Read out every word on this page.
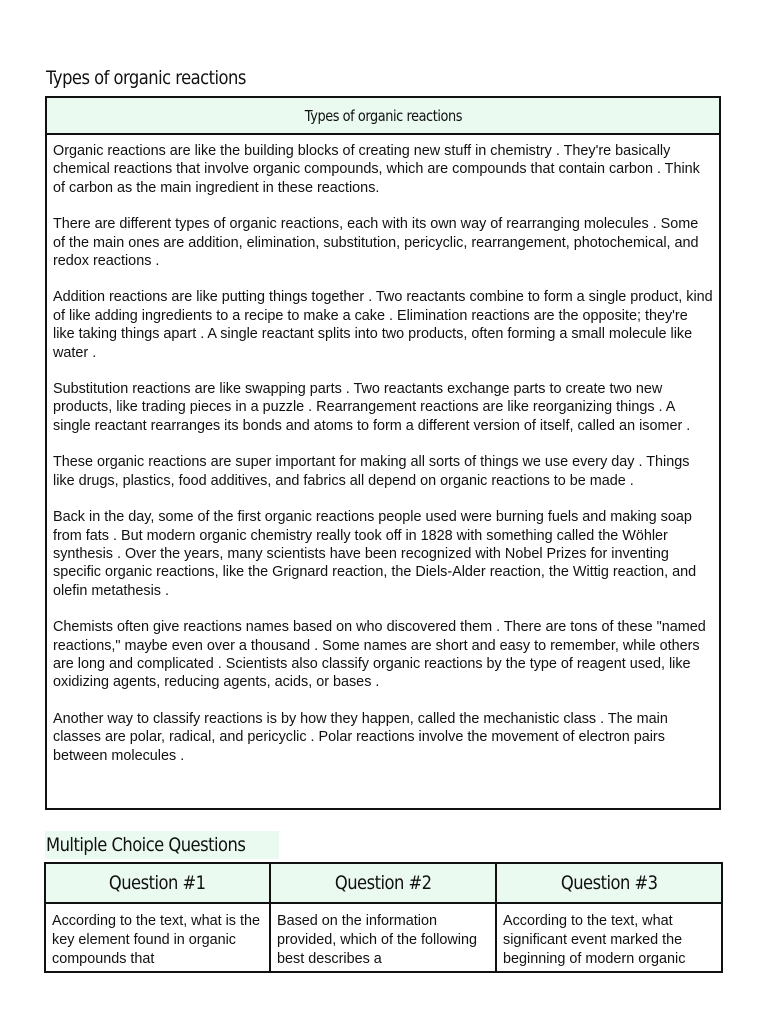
Types of organic reactions
Types of organic reactions

Organic reactions are like the building blocks of creating new stuff in chemistry . They're basically chemical reactions that involve organic compounds, which are compounds that contain carbon . Think of carbon as the main ingredient in these reactions.

There are different types of organic reactions, each with its own way of rearranging molecules . Some of the main ones are addition, elimination, substitution, pericyclic, rearrangement, photochemical, and redox reactions .

Addition reactions are like putting things together . Two reactants combine to form a single product, kind of like adding ingredients to a recipe to make a cake . Elimination reactions are the opposite; they're like taking things apart . A single reactant splits into two products, often forming a small molecule like water .

Substitution reactions are like swapping parts . Two reactants exchange parts to create two new products, like trading pieces in a puzzle . Rearrangement reactions are like reorganizing things . A single reactant rearranges its bonds and atoms to form a different version of itself, called an isomer .

These organic reactions are super important for making all sorts of things we use every day . Things like drugs, plastics, food additives, and fabrics all depend on organic reactions to be made .

Back in the day, some of the first organic reactions people used were burning fuels and making soap from fats . But modern organic chemistry really took off in 1828 with something called the Wöhler synthesis . Over the years, many scientists have been recognized with Nobel Prizes for inventing specific organic reactions, like the Grignard reaction, the Diels-Alder reaction, the Wittig reaction, and olefin metathesis .

Chemists often give reactions names based on who discovered them . There are tons of these "named reactions," maybe even over a thousand . Some names are short and easy to remember, while others are long and complicated . Scientists also classify organic reactions by the type of reagent used, like oxidizing agents, reducing agents, acids, or bases .

Another way to classify reactions is by how they happen, called the mechanistic class . The main classes are polar, radical, and pericyclic . Polar reactions involve the movement of electron pairs between molecules .

Multiple Choice Questions
Question #1	Question #2	Question #3
According to the text, what is the key element found in organic compounds that
Based on the information provided, which of the following best describes a
According to the text, what significant event marked the beginning of modern organic
